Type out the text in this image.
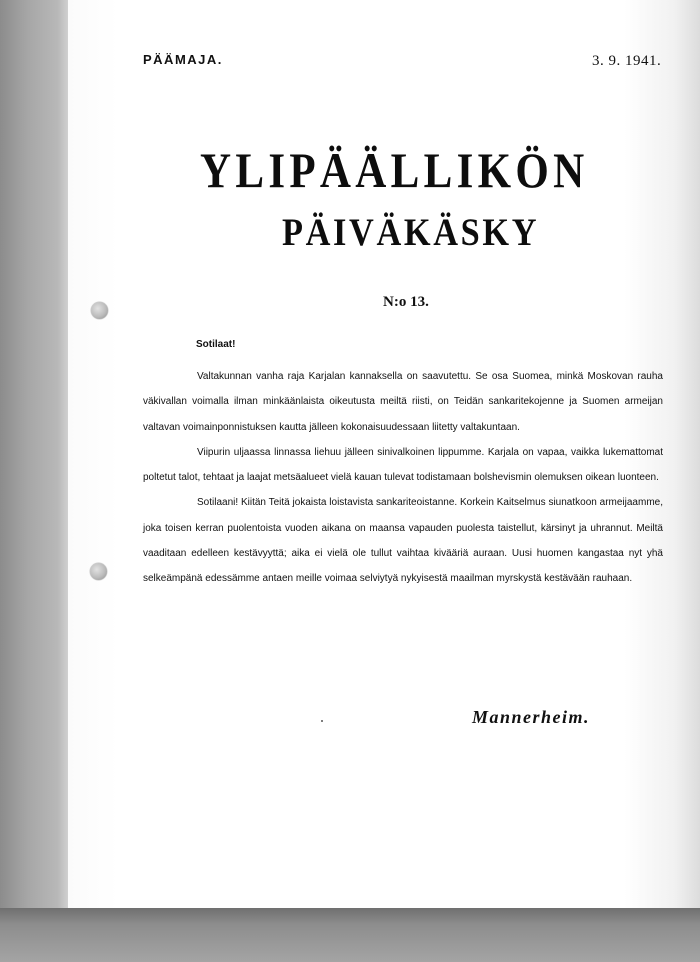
PÄÄMAJA.	3. 9. 1941.
YLIPÄÄLLIKÖN
PÄIVÄKÄSKY
N:o 13.
Sotilaat!

Valtakunnan vanha raja Karjalan kannaksella on saavutettu. Se osa Suomea, minkä Moskovan rauha väkivallan voimalla ilman minkäänlaista oikeutusta meiltä riisti, on Teidän sankaritekojenne ja Suomen armeijan valtavan voimainponnistuksen kautta jälleen kokonaisuudessaan liitetty valtakuntaan.

Viipurin uljaassa linnassa liehuu jälleen sinivalkoinen lippumme. Karjala on vapaa, vaikka lukemattomat poltetut talot, tehtaat ja laajat metsäalueet vielä kauan tulevat todistamaan bolshevismin olemuksen oikean luonteen.

Sotilaani! Kiitän Teitä jokaista loistavista sankariteoistanne. Korkein Kaitselmus siunatkoon armeijaamme, joka toisen kerran puolentoista vuoden aikana on maansa vapauden puolesta taistellut, kärsinyt ja uhrannut. Meiltä vaaditaan edelleen kestävyyttä; aika ei vielä ole tullut vaihtaa kivääriä auraan. Uusi huomen kangastaa nyt yhä selkeämpänä edessämme antaen meille voimaa selviytyä nykyisestä maailman myrskystä kestävään rauhaan.

Mannerheim.
